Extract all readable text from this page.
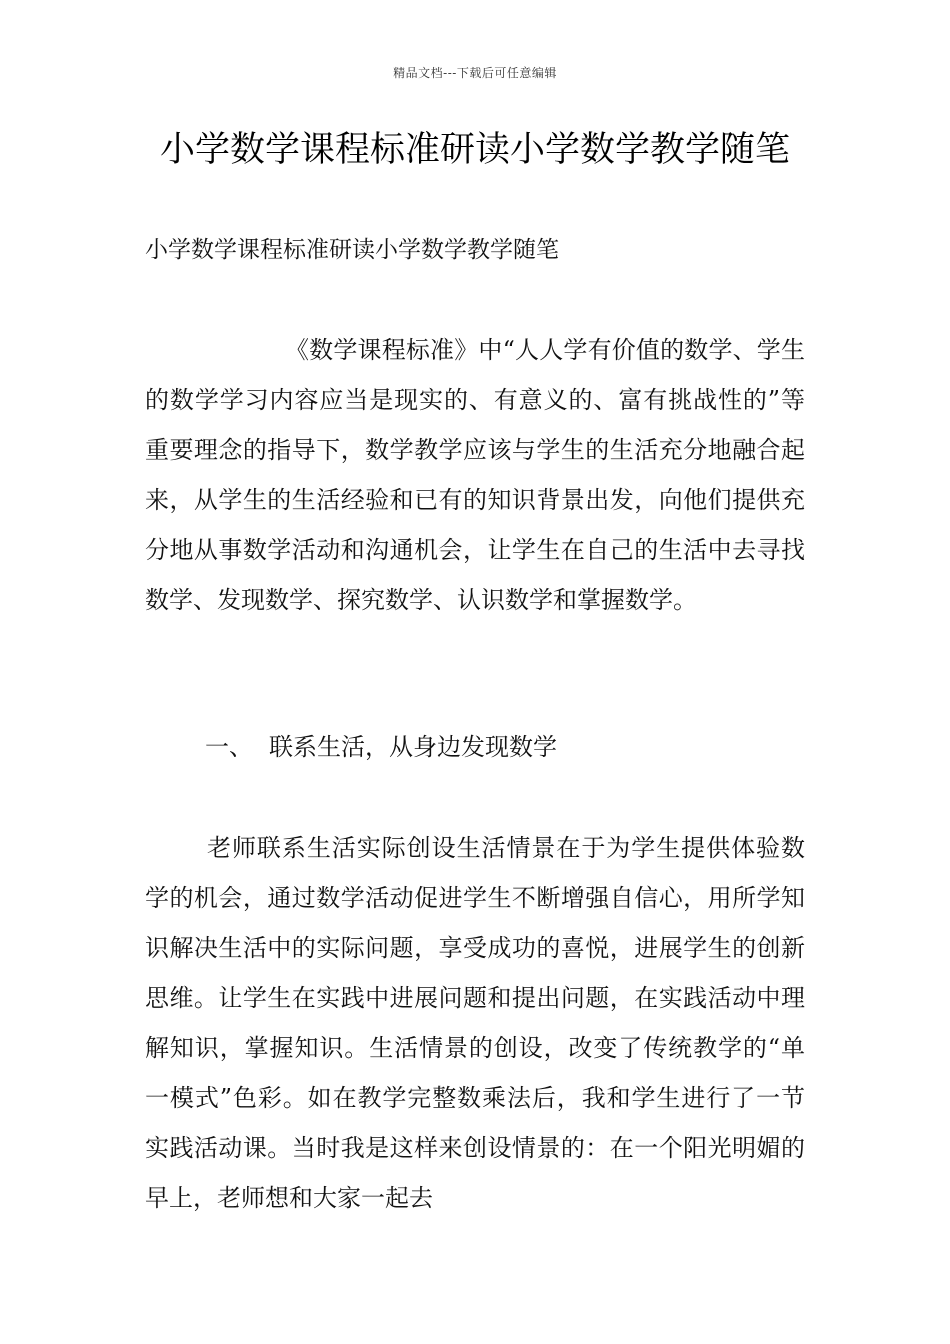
精品文档---下载后可任意编辑
小学数学课程标准研读小学数学教学随笔
小学数学课程标准研读小学数学教学随笔

《数学课程标准》中“人人学有价值的数学、学生的数学学习内容应当是现实的、有意义的、富有挑战性的”等重要理念的指导下，数学教学应该与学生的生活充分地融合起来，从学生的生活经验和已有的知识背景出发，向他们提供充分地从事数学活动和沟通机会，让学生在自己的生活中去寻找数学、发现数学、探究数学、认识数学和掌握数学。

一、 联系生活，从身边发现数学

老师联系生活实际创设生活情景在于为学生提供体验数学的机会，通过数学活动促进学生不断增强自信心，用所学知识解决生活中的实际问题，享受成功的喜悦，进展学生的创新思维。让学生在实践中进展问题和提出问题，在实践活动中理解知识，掌握知识。生活情景的创设，改变了传统教学的“单一模式”色彩。如在教学完整数乘法后，我和学生进行了一节实践活动课。当时我是这样来创设情景的：在一个阳光明媚的早上，老师想和大家一起去
